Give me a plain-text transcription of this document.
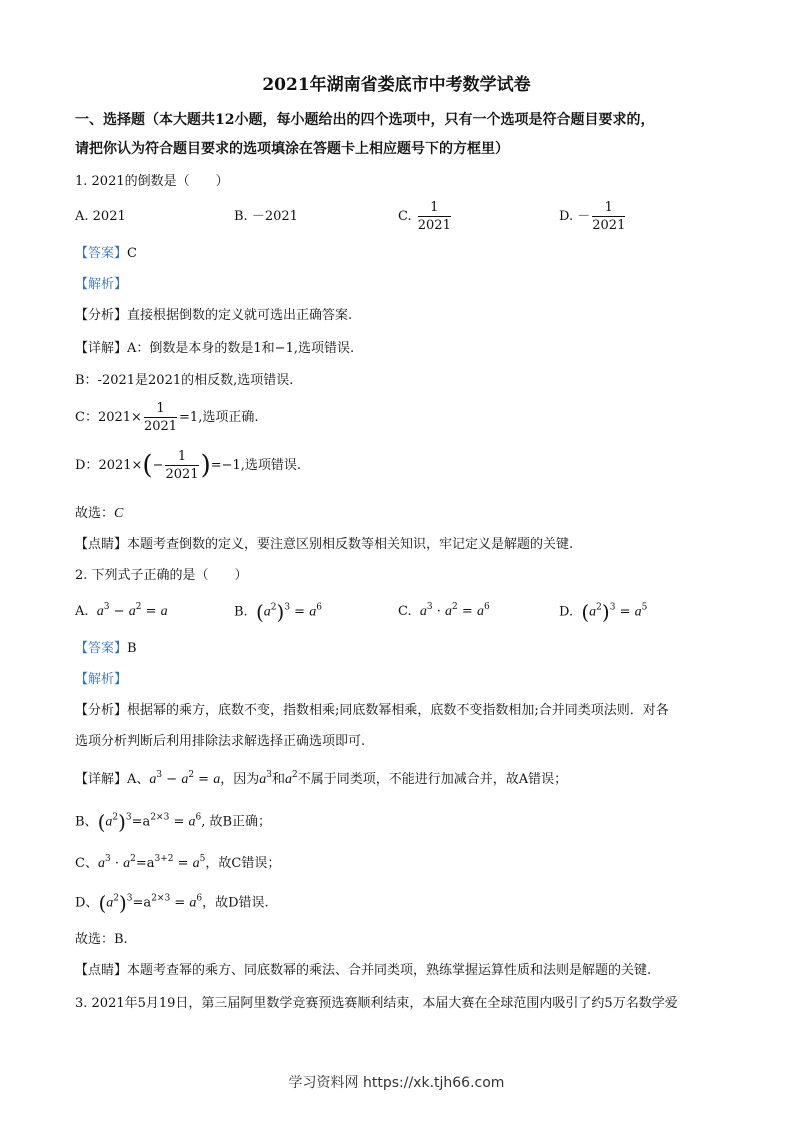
2021年湖南省娄底市中考数学试卷
一、选择题（本大题共12小题，每小题给出的四个选项中，只有一个选项是符合题目要求的，
请把你认为符合题目要求的选项填涂在答题卡上相应题号下的方框里）
1. 2021的倒数是（　　）
A. 2021	B. －2021	C. $\frac{1}{2021}$	D. － $\frac{1}{2021}$
【答案】C
【解析】
【分析】直接根据倒数的定义就可选出正确答案.
【详解】A：倒数是本身的数是1和−1,选项错误.
B：-2021是2021的相反数,选项错误.
C：$2021\times \frac{1}{2021} =1$,选项正确.
D：$2021\times(- \frac{1}{2021} )=-1$,选项错误.
故选：C
【点睛】本题考查倒数的定义，要注意区别相反数等相关知识，牢记定义是解题的关键.
2. 下列式子正确的是（　　）
A. $a^3 - a^2 = a$	B. $(a^2)^3 = a^6$	C. $a^3 \cdot a^2 = a^6$	D. $(a^2)^3 = a^5$
【答案】B
【解析】
【分析】根据幂的乘方，底数不变，指数相乘;同底数幂相乘，底数不变指数相加;合并同类项法则．对各
选项分析判断后利用排除法求解选择正确选项即可.
【详解】A、$a^3 - a^2 = a$，因为$a^3$和$a^2$不属于同类项，不能进行加减合并，故A错误；
B、$(a^2)^3=a^{2\times 3} = a^6$, 故B正确；
C、$a^3 \cdot a^2=a^{3+2} = a^5$，故C错误；
D、$(a^2)^3=a^{2\times 3} = a^6$，故D错误.
故选：B.
【点睛】本题考查幂的乘方、同底数幂的乘法、合并同类项，熟练掌握运算性质和法则是解题的关键.
3. 2021年5月19日，第三届阿里数学竞赛预选赛顺利结束，本届大赛在全球范围内吸引了约5万名数学爱
学习资料网 https://xk.tjh66.com
